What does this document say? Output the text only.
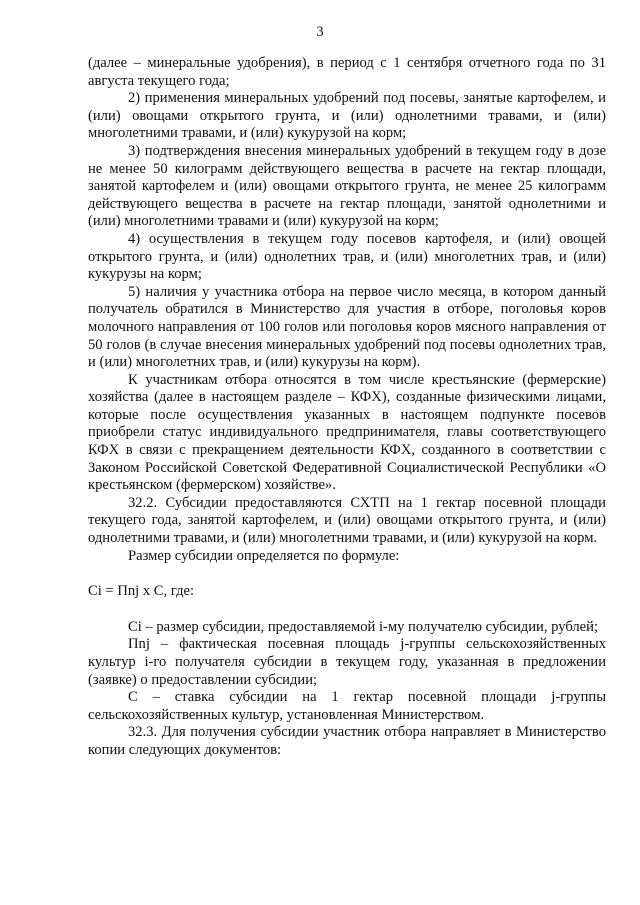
3

(далее – минеральные удобрения), в период с 1 сентября отчетного года по 31 августа текущего года;

2) применения минеральных удобрений под посевы, занятые картофелем, и (или) овощами открытого грунта, и (или) однолетними травами, и (или) многолетними травами, и (или) кукурузой на корм;

3) подтверждения внесения минеральных удобрений в текущем году в дозе не менее 50 килограмм действующего вещества в расчете на гектар площади, занятой картофелем и (или) овощами открытого грунта, не менее 25 килограмм действующего вещества в расчете на гектар площади, занятой однолетними и (или) многолетними травами и (или) кукурузой на корм;

4) осуществления в текущем году посевов картофеля, и (или) овощей открытого грунта, и (или) однолетних трав, и (или) многолетних трав, и (или) кукурузы на корм;

5) наличия у участника отбора на первое число месяца, в котором данный получатель обратился в Министерство для участия в отборе, поголовья коров молочного направления от 100 голов или поголовья коров мясного направления от 50 голов (в случае внесения минеральных удобрений под посевы однолетних трав, и (или) многолетних трав, и (или) кукурузы на корм).

К участникам отбора относятся в том числе крестьянские (фермерские) хозяйства (далее в настоящем разделе – КФХ), созданные физическими лицами, которые после осуществления указанных в настоящем подпункте посевов приобрели статус индивидуального предпринимателя, главы соответствующего КФХ в связи с прекращением деятельности КФХ, созданного в соответствии с Законом Российской Советской Федеративной Социалистической Республики «О крестьянском (фермерском) хозяйстве».

32.2. Субсидии предоставляются СХТП на 1 гектар посевной площади текущего года, занятой картофелем, и (или) овощами открытого грунта, и (или) однолетними травами, и (или) многолетними травами, и (или) кукурузой на корм.

Размер субсидии определяется по формуле:

Ci = Пnj x С, где:

Ci – размер субсидии, предоставляемой i-му получателю субсидии, рублей;

Пnj – фактическая посевная площадь j-группы сельскохозяйственных культур i-го получателя субсидии в текущем году, указанная в предложении (заявке) о предоставлении субсидии;

С – ставка субсидии на 1 гектар посевной площади j-группы сельскохозяйственных культур, установленная Министерством.

32.3. Для получения субсидии участник отбора направляет в Министерство копии следующих документов:
